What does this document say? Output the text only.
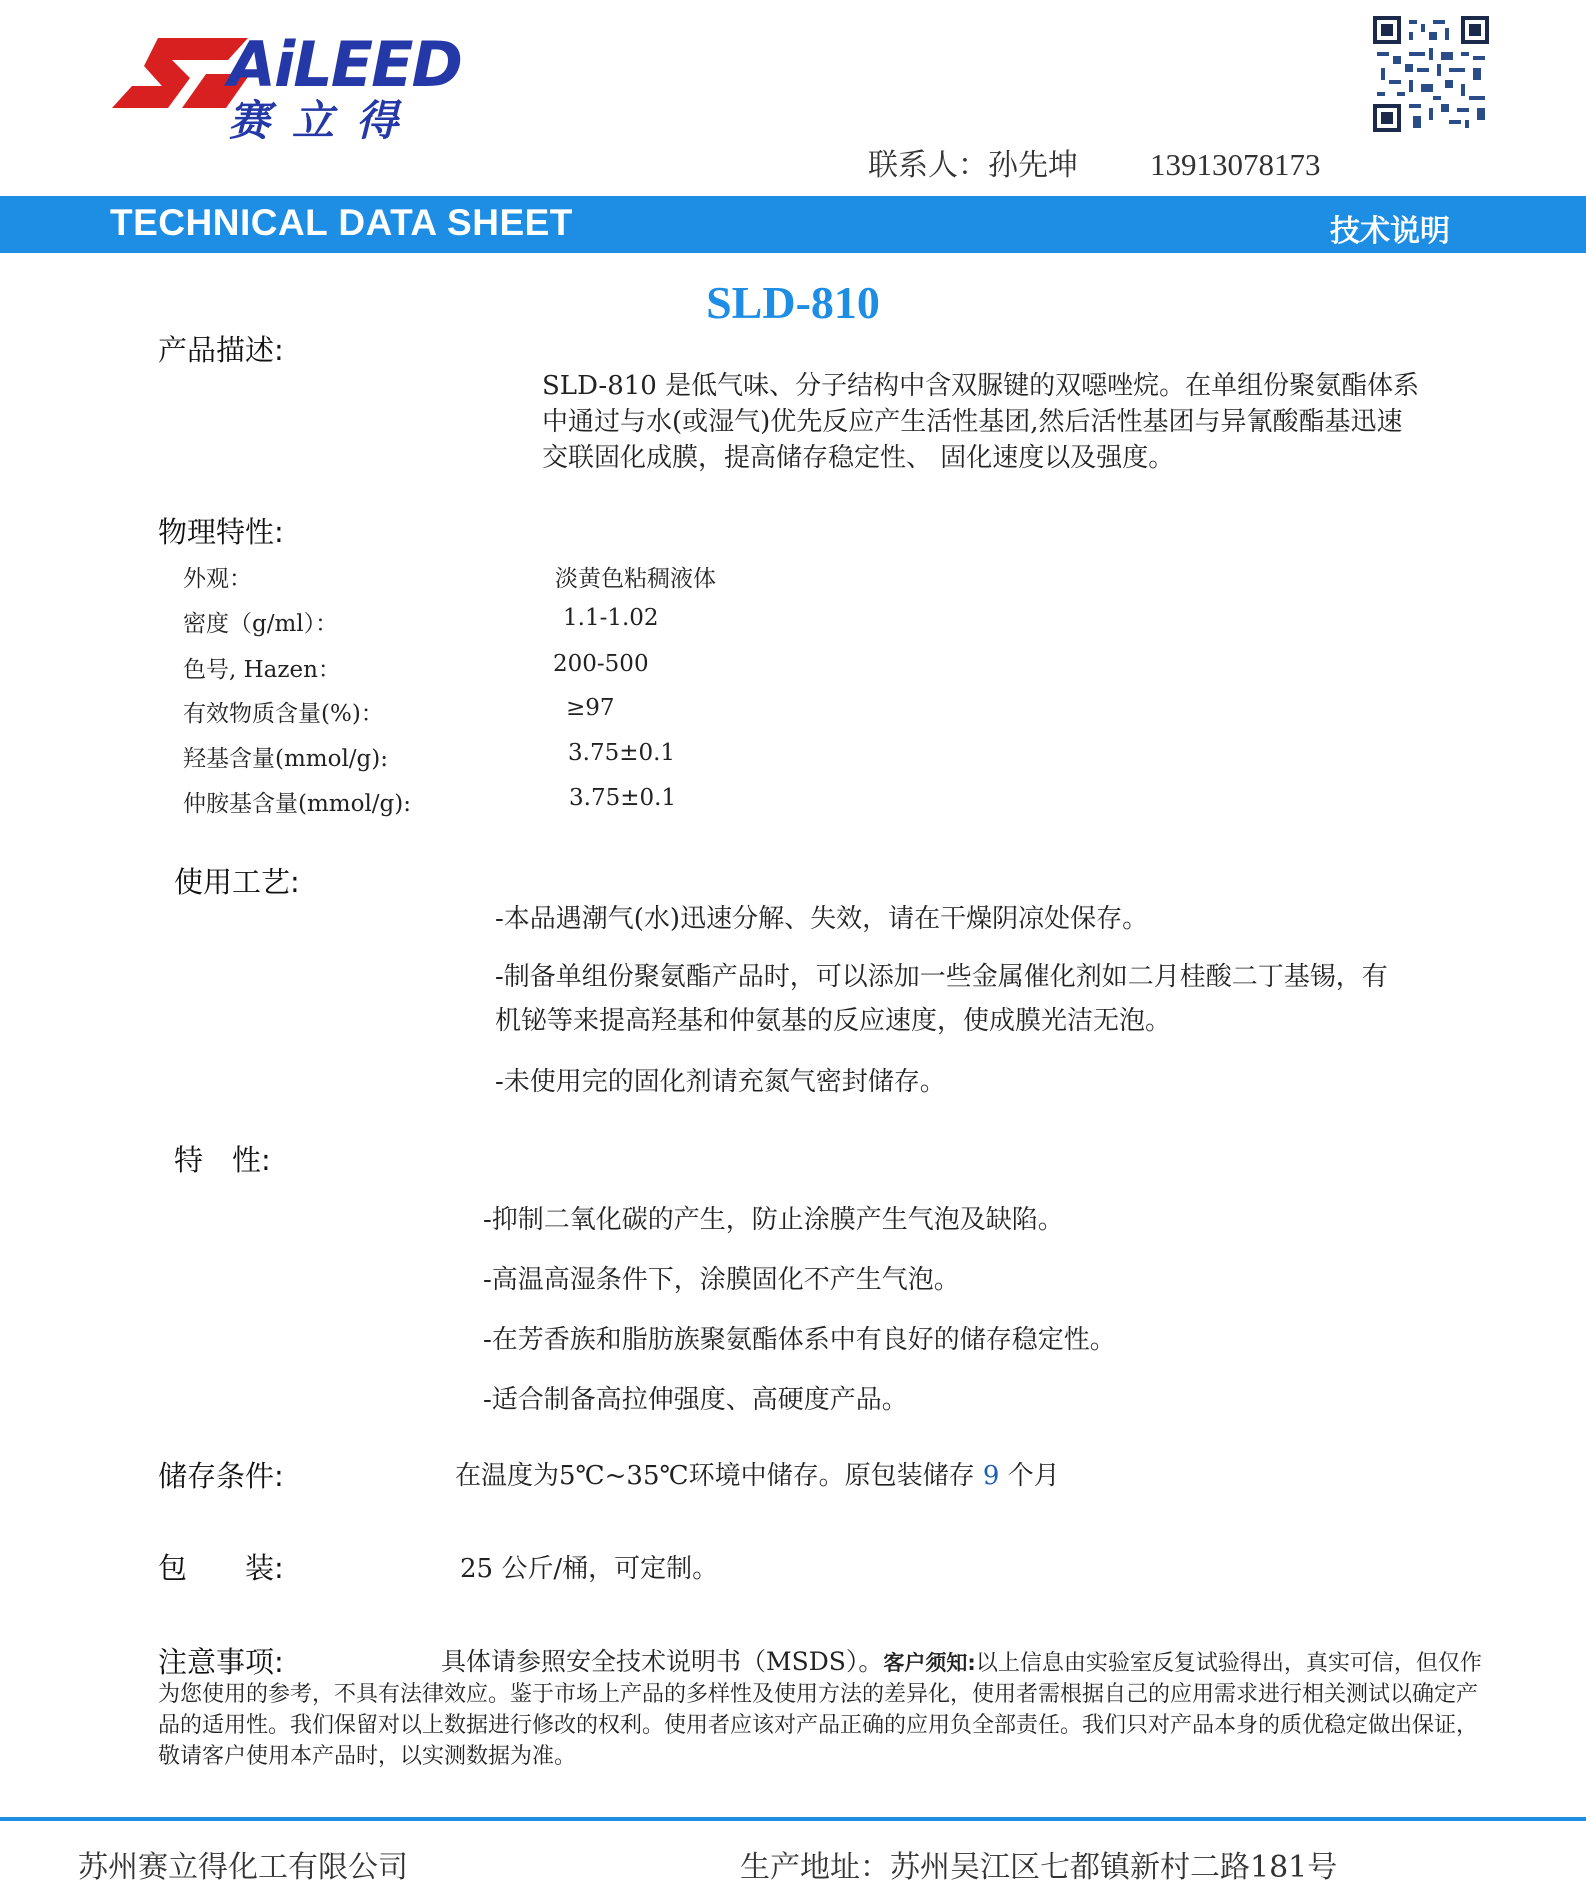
AiLEED
赛立得
联系人：孙先坤 13913078173
TECHNICAL DATA SHEET	技术说明
SLD-810
产品描述:
SLD-810 是低气味、分子结构中含双脲键的双噁唑烷。在单组份聚氨酯体系中通过与水(或湿气)优先反应产生活性基团,然后活性基团与异氰酸酯基迅速交联固化成膜，提高储存稳定性、 固化速度以及强度。
物理特性:
外观：	淡黄色粘稠液体
密度（g/ml）：	1.1-1.02
色号, Hazen：	200-500
有效物质含量(%)：	≥97
羟基含量(mmol/g):	3.75±0.1
仲胺基含量(mmol/g):	3.75±0.1
使用工艺:
-本品遇潮气(水)迅速分解、失效，请在干燥阴凉处保存。
-制备单组份聚氨酯产品时，可以添加一些金属催化剂如二月桂酸二丁基锡，有
机铋等来提高羟基和仲氨基的反应速度，使成膜光洁无泡。
-未使用完的固化剂请充氮气密封储存。
特　性:
-抑制二氧化碳的产生，防止涂膜产生气泡及缺陷。
-高温高湿条件下，涂膜固化不产生气泡。
-在芳香族和脂肪族聚氨酯体系中有良好的储存稳定性。
-适合制备高拉伸强度、高硬度产品。
储存条件:	在温度为5℃~35℃环境中储存。原包装储存 9 个月
包　　装:	25 公斤/桶，可定制。
注意事项:	具体请参照安全技术说明书（MSDS）。客户须知:以上信息由实验室反复试验得出，真实可信，但仅作为您使用的参考，不具有法律效应。鉴于市场上产品的多样性及使用方法的差异化，使用者需根据自己的应用需求进行相关测试以确定产品的适用性。我们保留对以上数据进行修改的权利。使用者应该对产品正确的应用负全部责任。我们只对产品本身的质优稳定做出保证，敬请客户使用本产品时，以实测数据为准。
苏州赛立得化工有限公司	生产地址：苏州吴江区七都镇新村二路181号
